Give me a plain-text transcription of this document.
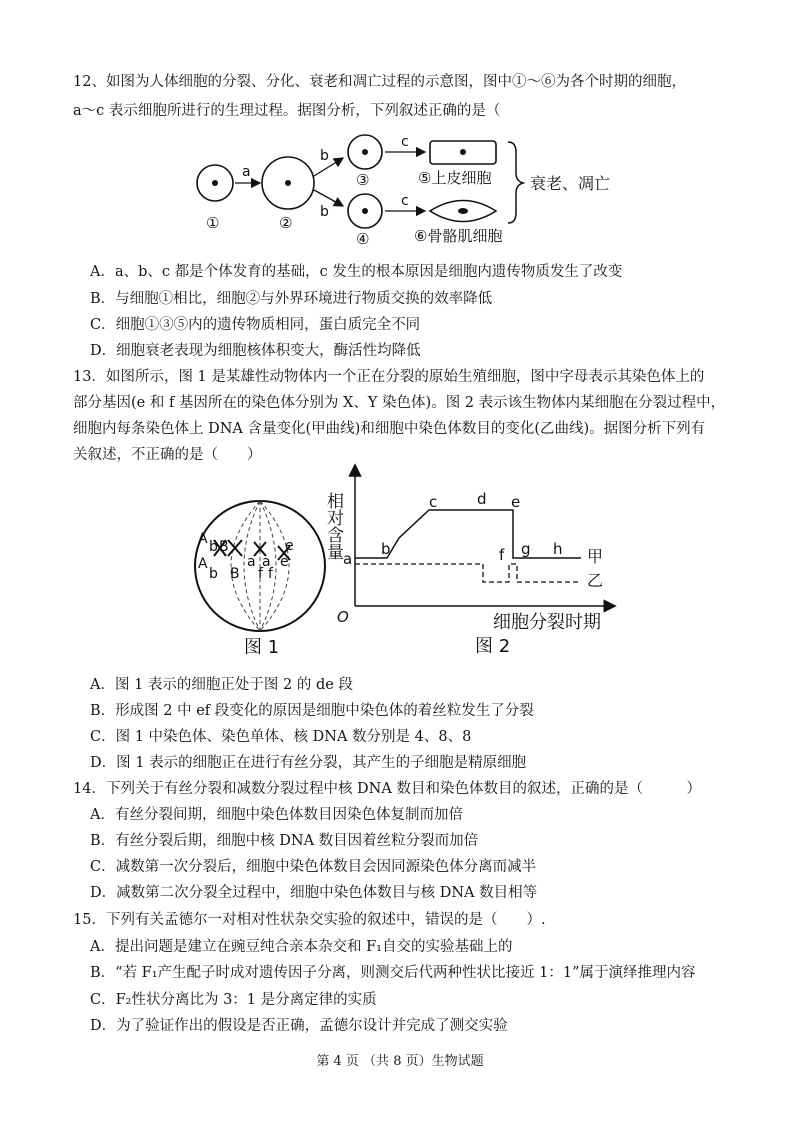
12、如图为人体细胞的分裂、分化、衰老和凋亡过程的示意图，图中①～⑥为各个时期的细胞，
a～c 表示细胞所进行的生理过程。据图分析，下列叙述正确的是（
①
a
②
b
b
③
④
c
c
⑤上皮细胞
⑥骨骼肌细胞
衰老、凋亡
A．a、b、c 都是个体发育的基础，c 发生的根本原因是细胞内遗传物质发生了改变
B．与细胞①相比，细胞②与外界环境进行物质交换的效率降低
C．细胞①③⑤内的遗传物质相同，蛋白质完全不同
D．细胞衰老表现为细胞核体积变大，酶活性均降低
13．如图所示，图 1 是某雄性动物体内一个正在分裂的原始生殖细胞，图中字母表示其染色体上的
部分基因(e 和 f 基因所在的染色体分别为 X、Y 染色体)。图 2 表示该生物体内某细胞在分裂过程中，
细胞内每条染色体上 DNA 含量变化(甲曲线)和细胞中染色体数目的变化(乙曲线)。据图分析下列有
关叙述，不正确的是（　　）
A b B
A
b B
a
e
a
f f
e
图 1
相对含量
细胞分裂时期
O
a
b
c	d e
f g h 甲
乙
图 2
A．图 1 表示的细胞正处于图 2 的 de 段
B．形成图 2 中 ef 段变化的原因是细胞中染色体的着丝粒发生了分裂
C．图 1 中染色体、染色单体、核 DNA 数分别是 4、8、8
D．图 1 表示的细胞正在进行有丝分裂，其产生的子细胞是精原细胞
14．下列关于有丝分裂和减数分裂过程中核 DNA 数目和染色体数目的叙述，正确的是（　　　）
A．有丝分裂间期，细胞中染色体数目因染色体复制而加倍
B．有丝分裂后期，细胞中核 DNA 数目因着丝粒分裂而加倍
C．减数第一次分裂后，细胞中染色体数目会因同源染色体分离而减半
D．减数第二次分裂全过程中，细胞中染色体数目与核 DNA 数目相等
15．下列有关孟德尔一对相对性状杂交实验的叙述中，错误的是（　　）.
A．提出问题是建立在豌豆纯合亲本杂交和 F₁自交的实验基础上的
B．“若 F₁产生配子时成对遗传因子分离，则测交后代两种性状比接近 1：1”属于演绎推理内容
C．F₂性状分离比为 3：1 是分离定律的实质
D．为了验证作出的假设是否正确，孟德尔设计并完成了测交实验
第 4 页 （共 8 页）生物试题
